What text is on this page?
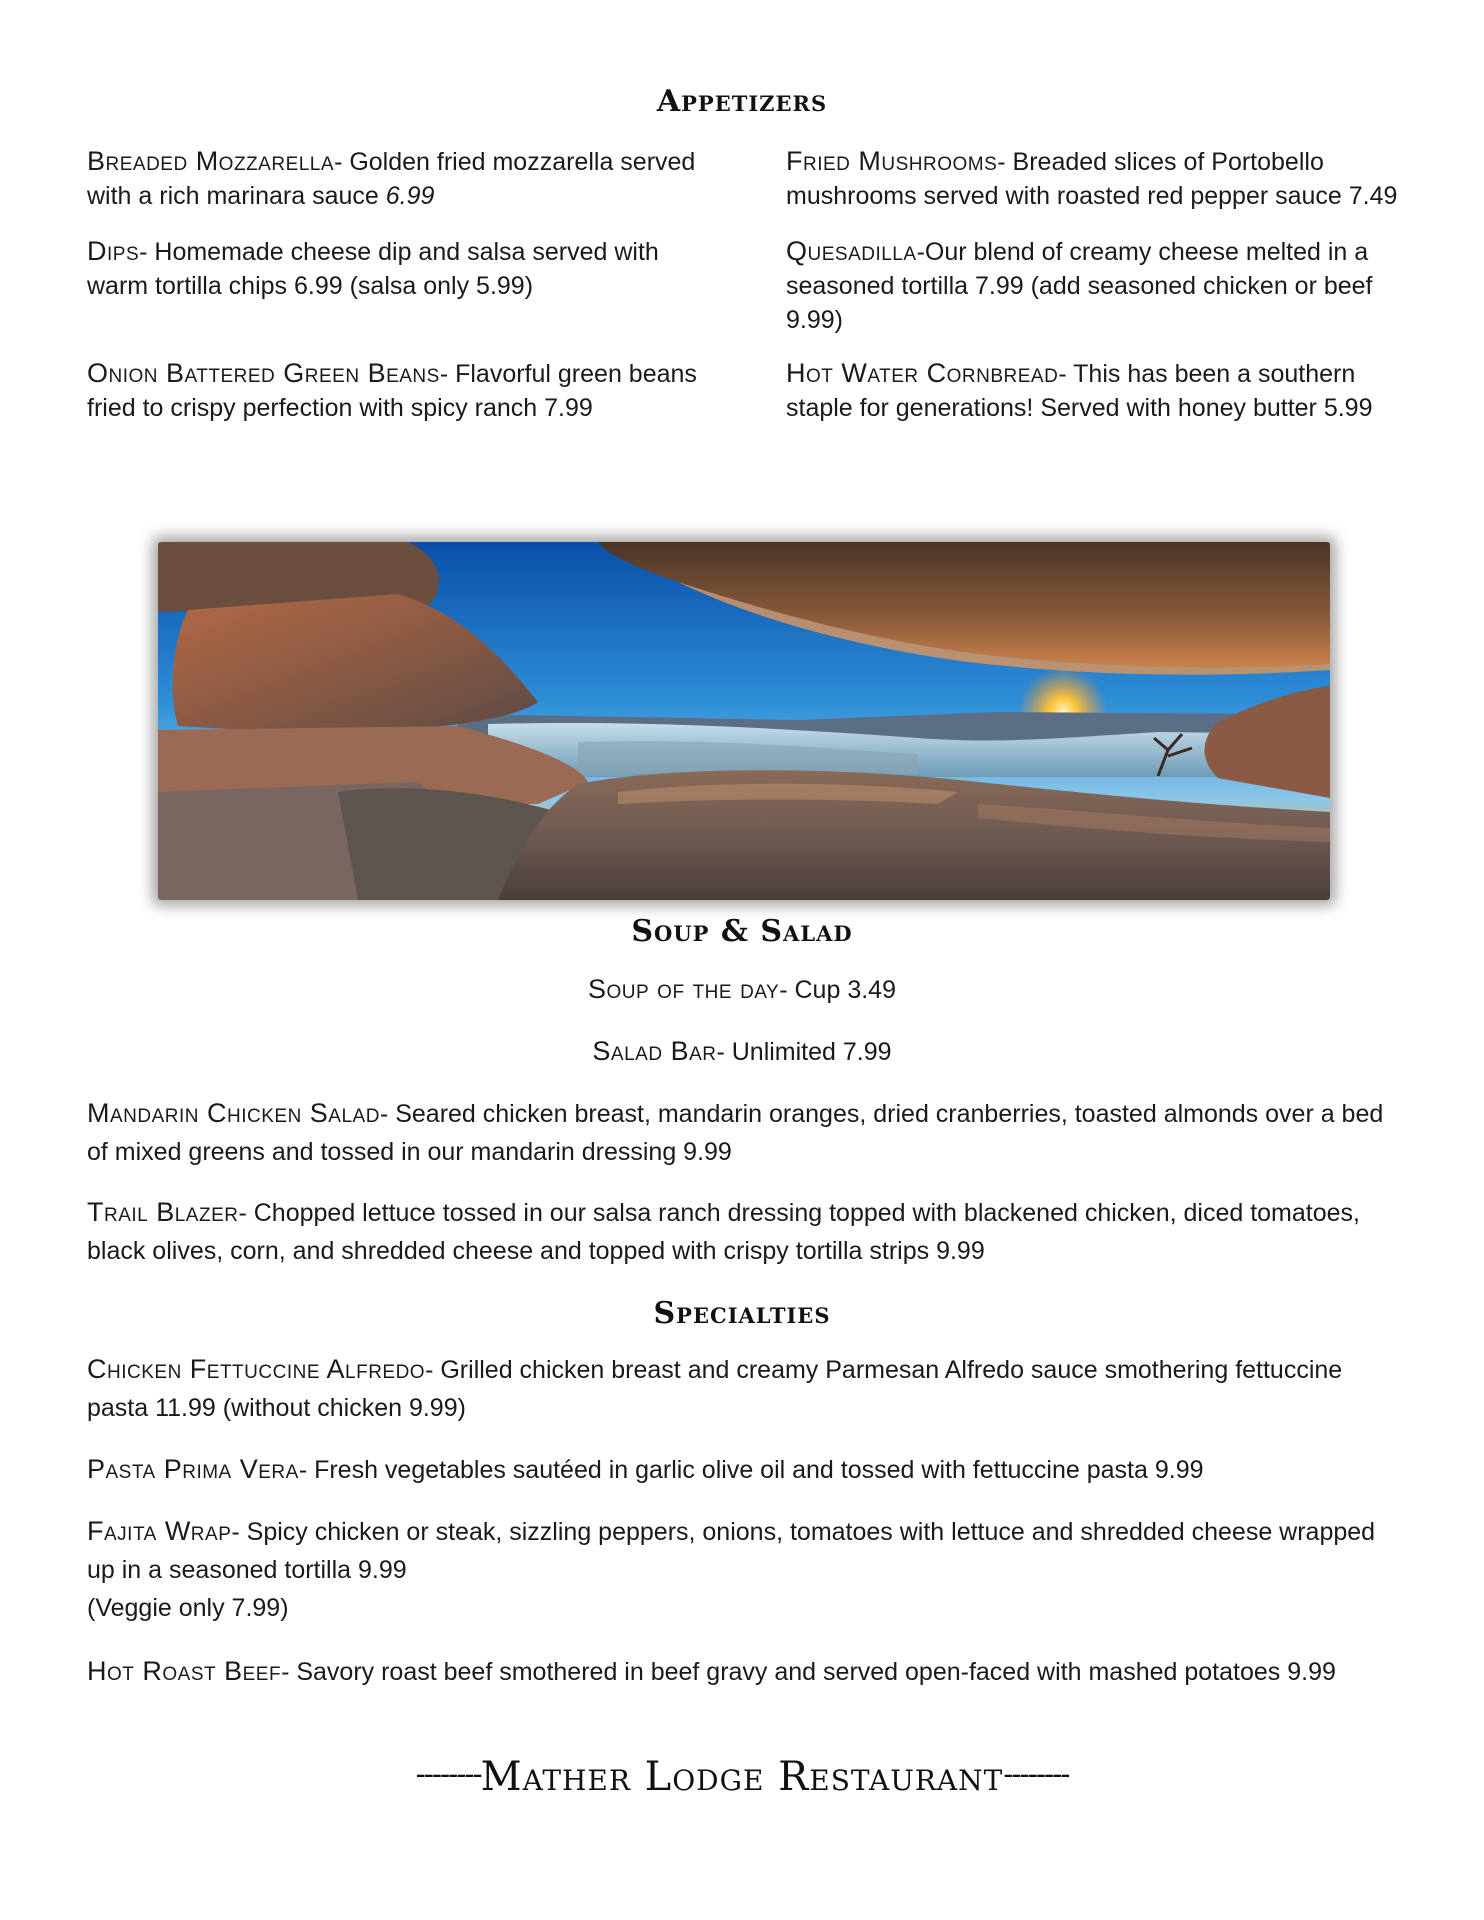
Appetizers
Breaded Mozzarella- Golden fried mozzarella served with a rich marinara sauce 6.99
Fried Mushrooms- Breaded slices of Portobello mushrooms served with roasted red pepper sauce 7.49
Dips- Homemade cheese dip and salsa served with warm tortilla chips 6.99 (salsa only 5.99)
Quesadilla-Our blend of creamy cheese melted in a seasoned tortilla 7.99 (add seasoned chicken or beef 9.99)
Onion Battered Green Beans- Flavorful green beans fried to crispy perfection with spicy ranch 7.99
Hot Water Cornbread- This has been a southern staple for generations! Served with honey butter 5.99
Soup & Salad
Soup of the day- Cup 3.49
Salad Bar- Unlimited 7.99
Mandarin Chicken Salad- Seared chicken breast, mandarin oranges, dried cranberries, toasted almonds over a bed of mixed greens and tossed in our mandarin dressing 9.99
Trail Blazer- Chopped lettuce tossed in our salsa ranch dressing topped with blackened chicken, diced tomatoes, black olives, corn, and shredded cheese and topped with crispy tortilla strips 9.99
Specialties
Chicken Fettuccine Alfredo- Grilled chicken breast and creamy Parmesan Alfredo sauce smothering fettuccine pasta 11.99 (without chicken 9.99)
Pasta Prima Vera- Fresh vegetables sautéed in garlic olive oil and tossed with fettuccine pasta 9.99
Fajita Wrap- Spicy chicken or steak, sizzling peppers, onions, tomatoes with lettuce and shredded cheese wrapped up in a seasoned tortilla 9.99
(Veggie only 7.99)
Hot Roast Beef- Savory roast beef smothered in beef gravy and served open-faced with mashed potatoes 9.99
--------Mather Lodge Restaurant--------
